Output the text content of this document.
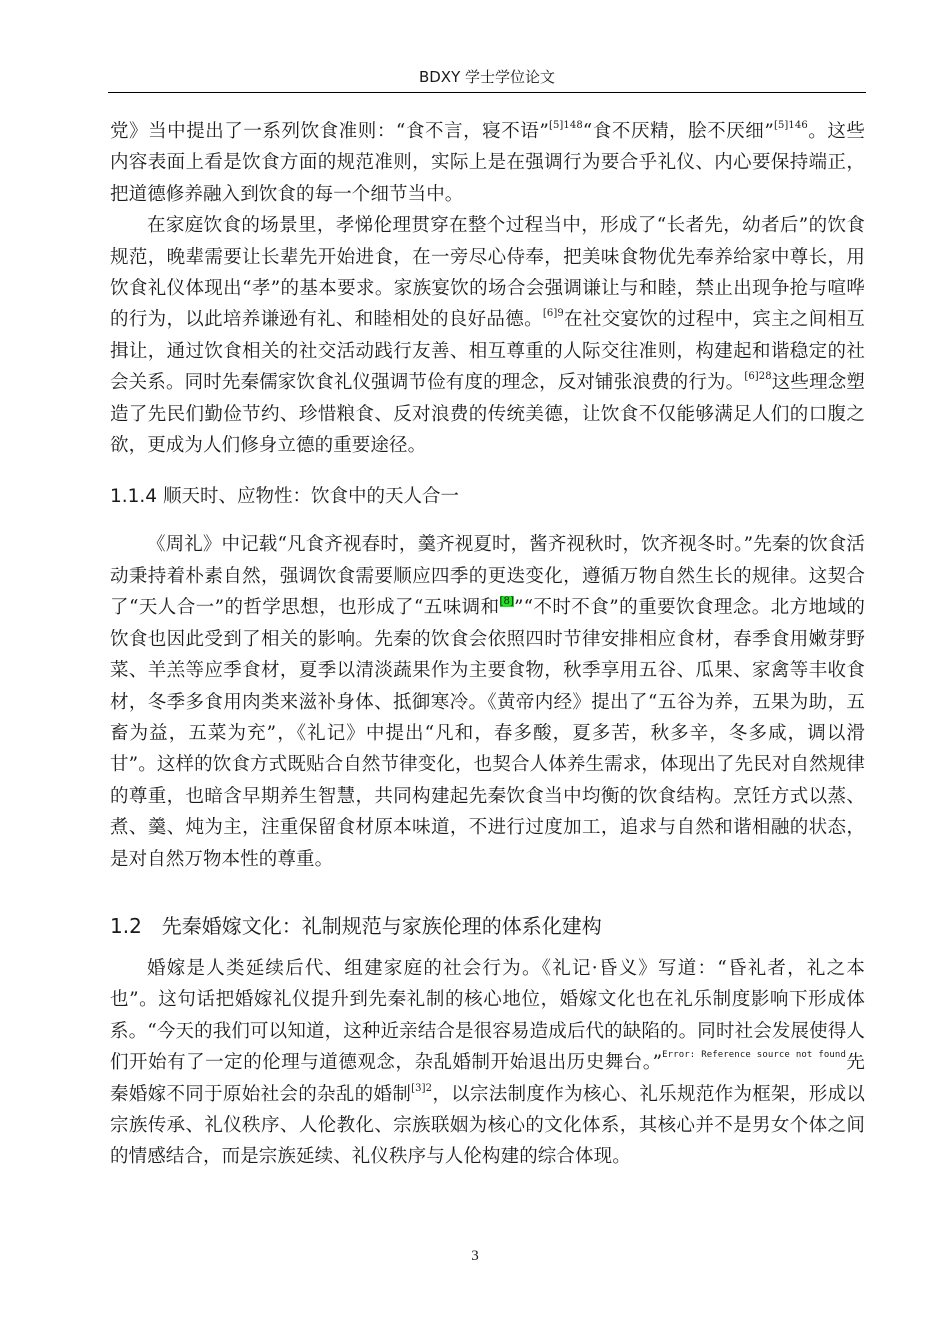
BDXY 学士学位论文

党》当中提出了一系列饮食准则：“食不言，寝不语”$^{[5]148}$“食不厌精，脍不厌细”$^{[5]146}$。这些内容表面上看是饮食方面的规范准则，实际上是在强调行为要合乎礼仪、内心要保持端正，把道德修养融入到饮食的每一个细节当中。

在家庭饮食的场景里，孝悌伦理贯穿在整个过程当中，形成了“长者先，幼者后”的饮食规范，晚辈需要让长辈先开始进食，在一旁尽心侍奉，把美味食物优先奉养给家中尊长，用饮食礼仪体现出“孝”的基本要求。家族宴饮的场合会强调谦让与和睦，禁止出现争抢与喧哗的行为，以此培养谦逊有礼、和睦相处的良好品德。$^{[6]9}$在社交宴饮的过程中，宾主之间相互揖让，通过饮食相关的社交活动践行友善、相互尊重的人际交往准则，构建起和谐稳定的社会关系。同时先秦儒家饮食礼仪强调节俭有度的理念，反对铺张浪费的行为。$^{[6]28}$这些理念塑造了先民们勤俭节约、珍惜粮食、反对浪费的传统美德，让饮食不仅能够满足人们的口腹之欲，更成为人们修身立德的重要途径。

1.1.4 顺天时、应物性：饮食中的天人合一

《周礼》中记载“凡食齐视春时，羹齐视夏时，酱齐视秋时，饮齐视冬时。”先秦的饮食活动秉持着朴素自然，强调饮食需要顺应四季的更迭变化，遵循万物自然生长的规律。这契合了“天人合一”的哲学思想，也形成了“五味调和[8]”“不时不食”的重要饮食理念。北方地域的饮食也因此受到了相关的影响。先秦的饮食会依照四时节律安排相应食材，春季食用嫩芽野菜、羊羔等应季食材，夏季以清淡蔬果作为主要食物，秋季享用五谷、瓜果、家禽等丰收食材，冬季多食用肉类来滋补身体、抵御寒冷。《黄帝内经》提出了“五谷为养，五果为助，五畜为益，五菜为充”，《礼记》中提出“凡和，春多酸，夏多苦，秋多辛，冬多咸，调以滑甘”。这样的饮食方式既贴合自然节律变化，也契合人体养生需求，体现出了先民对自然规律的尊重，也暗含早期养生智慧，共同构建起先秦饮食当中均衡的饮食结构。烹饪方式以蒸、煮、羹、炖为主，注重保留食材原本味道，不进行过度加工，追求与自然和谐相融的状态，是对自然万物本性的尊重。

1.2　先秦婚嫁文化：礼制规范与家族伦理的体系化建构

婚嫁是人类延续后代、组建家庭的社会行为。《礼记·昏义》写道：“昏礼者，礼之本也”。这句话把婚嫁礼仪提升到先秦礼制的核心地位，婚嫁文化也在礼乐制度影响下形成体系。“今天的我们可以知道，这种近亲结合是很容易造成后代的缺陷的。同时社会发展使得人们开始有了一定的伦理与道德观念，杂乱婚制开始退出历史舞台。”$^{Error: Reference source not found}$先秦婚嫁不同于原始社会的杂乱的婚制$^{[3]2}$，以宗法制度作为核心、礼乐规范作为框架，形成以宗族传承、礼仪秩序、人伦教化、宗族联姻为核心的文化体系，其核心并不是男女个体之间的情感结合，而是宗族延续、礼仪秩序与人伦构建的综合体现。

3
